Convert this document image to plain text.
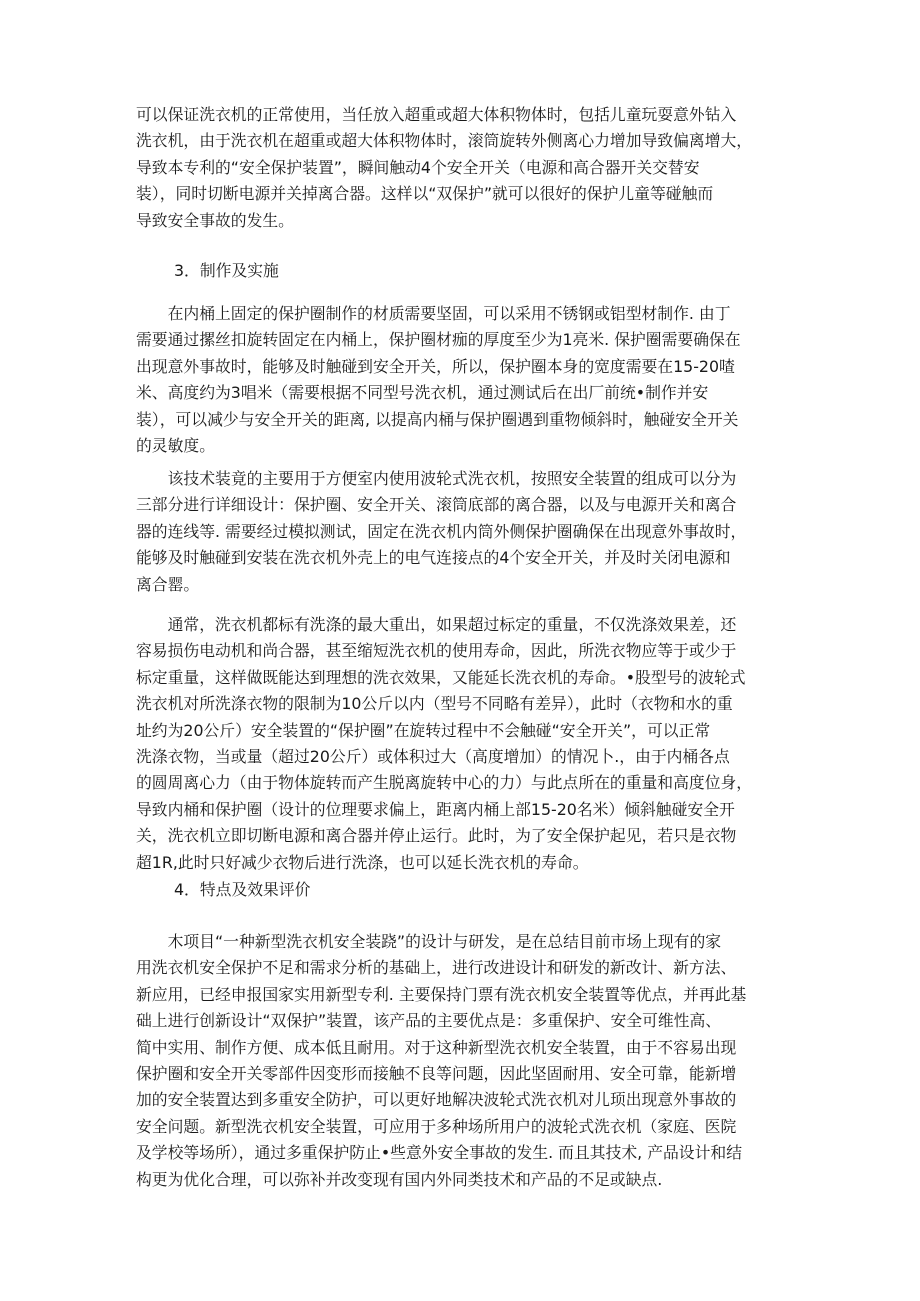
可以保证洗衣机的正常使用，当任放入超重或超大体积物体时，包括儿童玩耍意外钻入
洗衣机，由于洗衣机在超重或超大体积物体时，滚筒旋转外侧离心力增加导致偏离增大，
导致本专利的“安全保护装置”，瞬间触动4个安全开关（电源和高合器开关交替安
装），同时切断电源并关掉离合器。这样以“双保护”就可以很好的保护儿童等碰触而
导致安全事故的发生。
3．制作及实施
　　在内桶上固定的保护圈制作的材质需要坚固，可以采用不锈钢或铝型材制作. 由丁
需要通过摞丝扣旋转固定在内桶上，保护圈材痂的厚度至少为1亮米. 保护圈需要确保在
出现意外事故时，能够及时触碰到安全开关，所以，保护圈本身的宽度需要在15-20喳
米、高度约为3唱米（需要根据不同型号洗衣机，通过测试后在出厂前统•制作并安
装），可以减少与安全开关的距离, 以提高内桶与保护圈遇到重物倾斜时，触碰安全开关
的灵敏度。
　　该技术装竟的主要用于方便室内使用波轮式洗衣机，按照安全装置的组成可以分为
三部分进行详细设计：保护圈、安全开关、滚筒底部的离合器，以及与电源开关和离合
器的连线等. 需要经过模拟测试，固定在洗衣机内筒外侧保护圈确保在出现意外事故时，
能够及时触碰到安装在洗衣机外壳上的电气连接点的4个安全开关，并及时关闭电源和
离合罂。
　　通常，洗衣机都标有洗涤的最大重出，如果超过标定的重量，不仅洗涤效果差，还
容易损伤电动机和尚合器，甚至缩短洗衣机的使用寿命，因此，所洗衣物应等于或少于
标定重量，这样做既能达到理想的洗衣效果，又能延长洗衣机的寿命。•股型号的波轮式
洗衣机对所洗涤衣物的限制为10公斤以内（型号不同略有差异），此时（衣物和水的重
址约为20公斤）安全装置的“保护圈”在旋转过程中不会触碰“安全开关”，可以正常
洗涤衣物，当或量（超过20公斤）或体积过大（高度增加）的情况卜.，由于内桶各点
的圆周离心力（由于物体旋转而产生脱离旋转中心的力）与此点所在的重量和高度位身，
导致内桶和保护圈（设计的位理要求偏上，距离内桶上部15-20名米）倾斜触碰安全开
关，洗衣机立即切断电源和离合器并停止运行。此时，为了安全保护起见，若只是衣物
超1R,此时只好减少衣物后进行洗涤，也可以延长洗衣机的寿命。
4．特点及效果评价
　　木项目“一种新型洗衣机安全装跷”的设计与研发，是在总结目前市场上现有的家
用洗衣机安全保护不足和需求分析的基础上，进行改进设计和研发的新改计、新方法、
新应用，已经申报国家实用新型专利. 主要保持门票有洗衣机安全装置等优点，并再此基
础上进行创新设计“双保护”装置，该产品的主要优点是：多重保护、安全可维性高、
简中实用、制作方便、成本低且耐用。对于这种新型洗衣机安全装置，由于不容易出现
保护圈和安全开关零部件因变形而接触不良等问题，因此坚固耐用、安全可靠，能新增
加的安全装置达到多重安全防护，可以更好地解决波轮式洗衣机对儿顼出现意外事故的
安全问题。新型洗衣机安全装置，可应用于多种场所用户的波轮式洗衣机（家庭、医院
及学校等场所），通过多重保护防止•些意外安全事故的发生. 而且其技术, 产品设计和结
构更为优化合理，可以弥补并改变现有国内外同类技术和产品的不足或缺点.
